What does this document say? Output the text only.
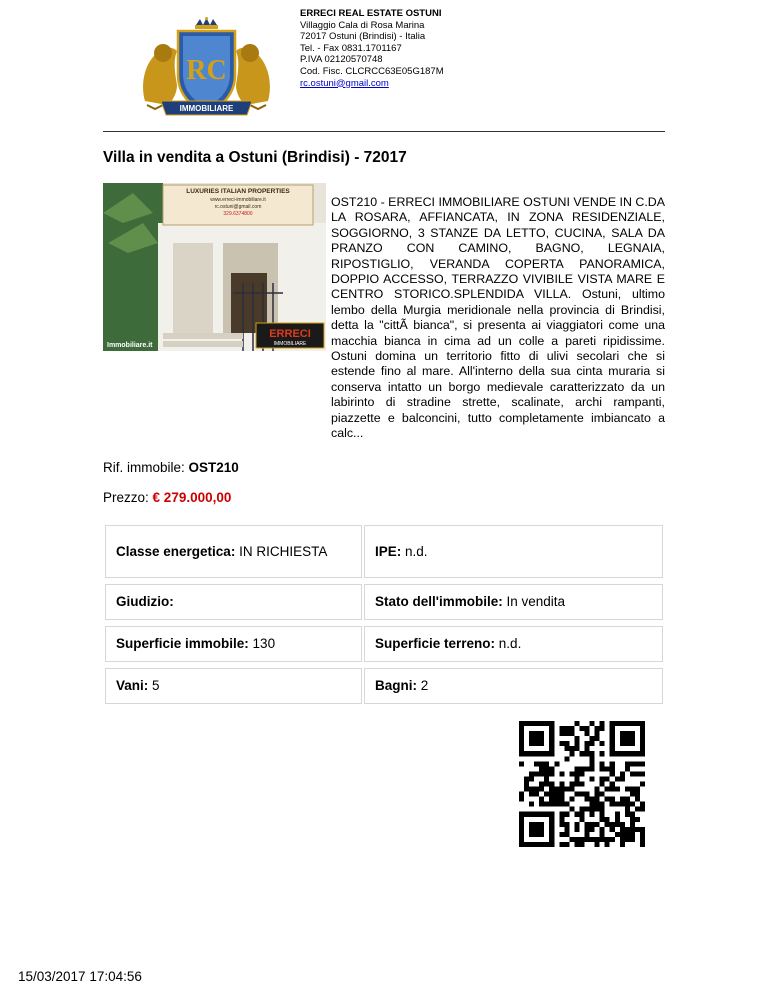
RC
IMMOBILIARE
ERRECI REAL ESTATE OSTUNI
Villaggio Cala di Rosa Marina
72017 Ostuni (Brindisi) - Italia
Tel. - Fax 0831.1701167
P.IVA 02120570748
Cod. Fisc. CLCRCC63E05G187M
rc.ostuni@gmail.com
Villa in vendita a Ostuni (Brindisi) - 72017
LUXURIES ITALIAN PROPERTIES
www.erreci-immobiliare.it
rc.ostuni@gmail.com
329.6374800
ERRECI
IMMOBILIARE
Immobiliare.it

OST210 - ERRECI IMMOBILIARE OSTUNI VENDE IN C.DA LA ROSARA, AFFIANCATA, IN ZONA RESIDENZIALE, SOGGIORNO, 3 STANZE DA LETTO, CUCINA, SALA DA PRANZO CON CAMINO, BAGNO, LEGNAIA, RIPOSTIGLIO, VERANDA COPERTA PANORAMICA, DOPPIO ACCESSO, TERRAZZO VIVIBILE VISTA MARE E CENTRO STORICO.SPLENDIDA VILLA. Ostuni, ultimo lembo della Murgia meridionale nella provincia di Brindisi, detta la "cittÃ bianca", si presenta ai viaggiatori come una macchia bianca in cima ad un colle a pareti ripidissime. Ostuni domina un territorio fitto di ulivi secolari che si estende fino al mare. All'interno della sua cinta muraria si conserva intatto un borgo medievale caratterizzato da un labirinto di stradine strette, scalinate, archi rampanti, piazzette e balconcini, tutto completamente imbiancato a calc...

Rif. immobile: OST210
Prezzo: € 279.000,00
Classe energetica: IN RICHIESTA	IPE: n.d.
Giudizio:	Stato dell'immobile: In vendita
Superficie immobile: 130	Superficie terreno: n.d.
Vani: 5	Bagni: 2
15/03/2017 17:04:56
